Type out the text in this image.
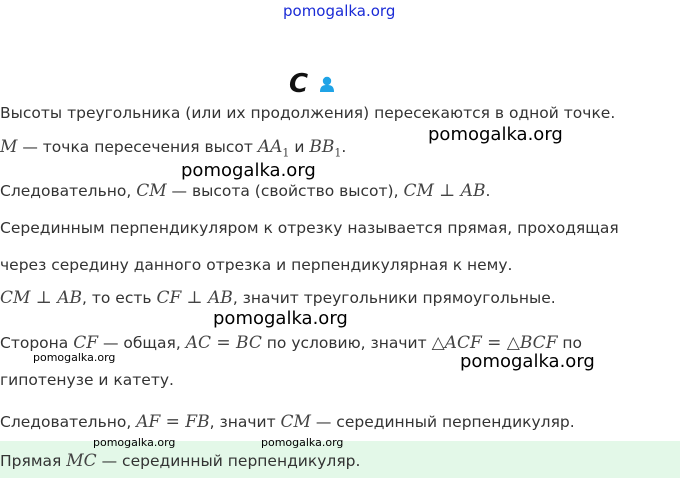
pomogalka.org
C
Высоты треугольника (или их продолжения) пересекаются в одной точке.
M — точка пересечения высот $AA_1$ и $BB_1$.
Следовательно, CM — высота (свойство высот), CM ⊥ AB.
Серединным перпендикуляром к отрезку называется прямая, проходящая
через середину данного отрезка и перпендикулярная к нему.
CM ⊥ AB, то есть CF ⊥ AB, значит треугольники прямоугольные.
Сторона CF — общая, AC = BC по условию, значит △ACF = △BCF по
гипотенузе и катету.
Следовательно, AF = FB, значит CM — серединный перпендикуляр.
Прямая MC — серединный перпендикуляр.
pomogalka.org
pomogalka.org
pomogalka.org
pomogalka.org	pomogalka.org
pomogalka.org	pomogalka.org
